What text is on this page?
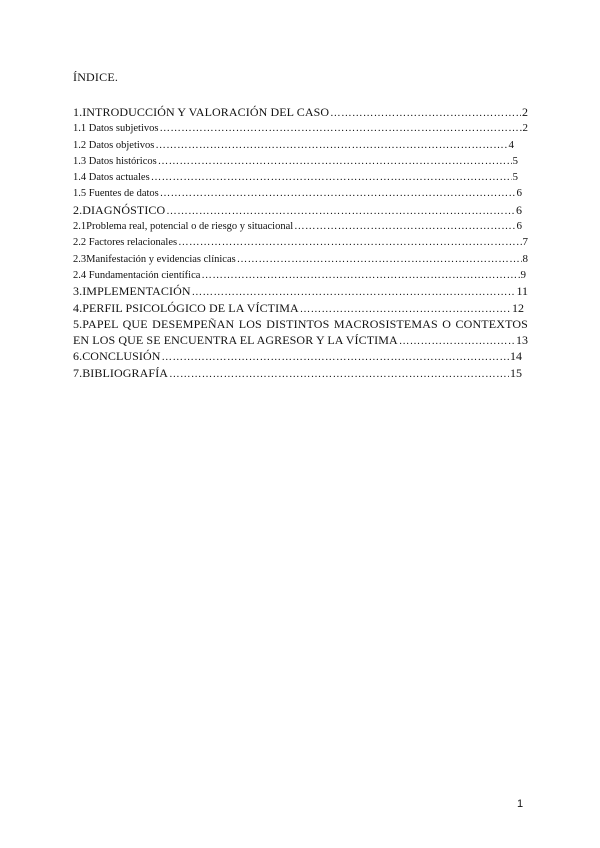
ÍNDICE.
1.INTRODUCCIÓN Y VALORACIÓN DEL CASO …………………………………………………………………………………………………………………………………………………………………………	2
1.1 Datos subjetivos …………………………………………………………………………………………………………………………………………………………………………	2
1.2 Datos objetivos …………………………………………………………………………………………………………………………………………………………………………	4
1.3 Datos históricos …………………………………………………………………………………………………………………………………………………………………………	5
1.4 Datos actuales …………………………………………………………………………………………………………………………………………………………………………	5
1.5 Fuentes de datos …………………………………………………………………………………………………………………………………………………………………………	6
2.DIAGNÓSTICO …………………………………………………………………………………………………………………………………………………………………………	6
2.1Problema real, potencial o de riesgo y situacional …………………………………………………………………………………………………………………………………………………………………………	6
2.2 Factores relacionales …………………………………………………………………………………………………………………………………………………………………………	7
2.3Manifestación y evidencias clínicas …………………………………………………………………………………………………………………………………………………………………………	8
2.4 Fundamentación científica …………………………………………………………………………………………………………………………………………………………………………	9
3.IMPLEMENTACIÓN …………………………………………………………………………………………………………………………………………………………………………	11
4.PERFIL PSICOLÓGICO DE LA VÍCTIMA …………………………………………………………………………………………………………………………………………………………………………	12
5.PAPEL QUE DESEMPEÑAN LOS DISTINTOS MACROSISTEMAS O CONTEXTOS
EN LOS QUE SE ENCUENTRA EL AGRESOR Y LA VÍCTIMA …………………………………………………………………………………………………………………………………………………………………………	13
6.CONCLUSIÓN …………………………………………………………………………………………………………………………………………………………………………	14
7.BIBLIOGRAFÍA …………………………………………………………………………………………………………………………………………………………………………	15
1
